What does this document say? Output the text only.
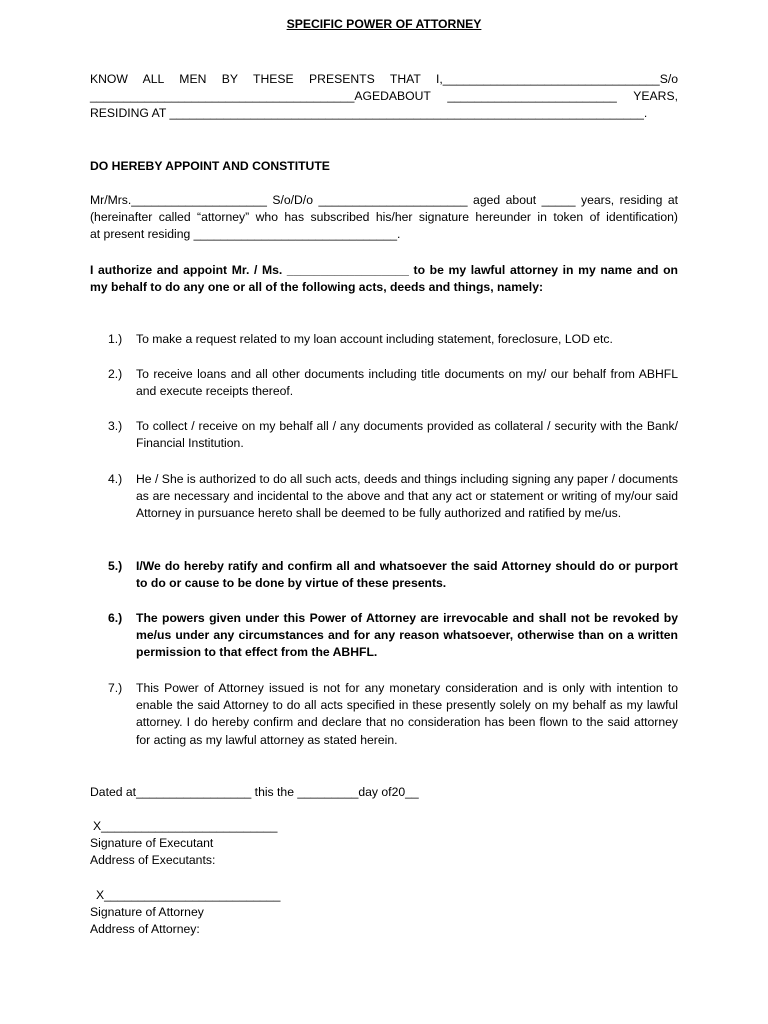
SPECIFIC POWER OF ATTORNEY
KNOW ALL MEN BY THESE PRESENTS THAT I,________________________________S/o
_______________________________________AGEDABOUT _________________________ YEARS,
RESIDING AT ______________________________________________________________________.
DO HEREBY APPOINT AND CONSTITUTE
Mr/Mrs.____________________ S/o/D/o ______________________ aged about _____ years, residing at
(hereinafter called “attorney” who has subscribed his/her signature hereunder in token of identification)
at present residing ______________________________.
I authorize and appoint Mr. / Ms. __________________ to be my lawful attorney in my name and on
my behalf to do any one or all of the following acts, deeds and things, namely:
1.)	To make a request related to my loan account including statement, foreclosure, LOD etc.
2.)	To receive loans and all other documents including title documents on my/ our behalf from ABHFL and execute receipts thereof.
3.)	To collect / receive on my behalf all / any documents provided as collateral / security with the Bank/ Financial Institution.
4.)	He / She is authorized to do all such acts, deeds and things including signing any paper / documents as are necessary and incidental to the above and that any act or statement or writing of my/our said Attorney in pursuance hereto shall be deemed to be fully authorized and ratified by me/us.
5.)	I/We do hereby ratify and confirm all and whatsoever the said Attorney should do or purport to do or cause to be done by virtue of these presents.
6.)	The powers given under this Power of Attorney are irrevocable and shall not be revoked by me/us under any circumstances and for any reason whatsoever, otherwise than on a written permission to that effect from the ABHFL.
7.)	This Power of Attorney issued is not for any monetary consideration and is only with intention to enable the said Attorney to do all acts specified in these presently solely on my behalf as my lawful attorney. I do hereby confirm and declare that no consideration has been flown to the said attorney for acting as my lawful attorney as stated herein.
Dated at_________________ this the _________day of20__
X__________________________
Signature of Executant
Address of Executants:
X__________________________
Signature of Attorney
Address of Attorney:
